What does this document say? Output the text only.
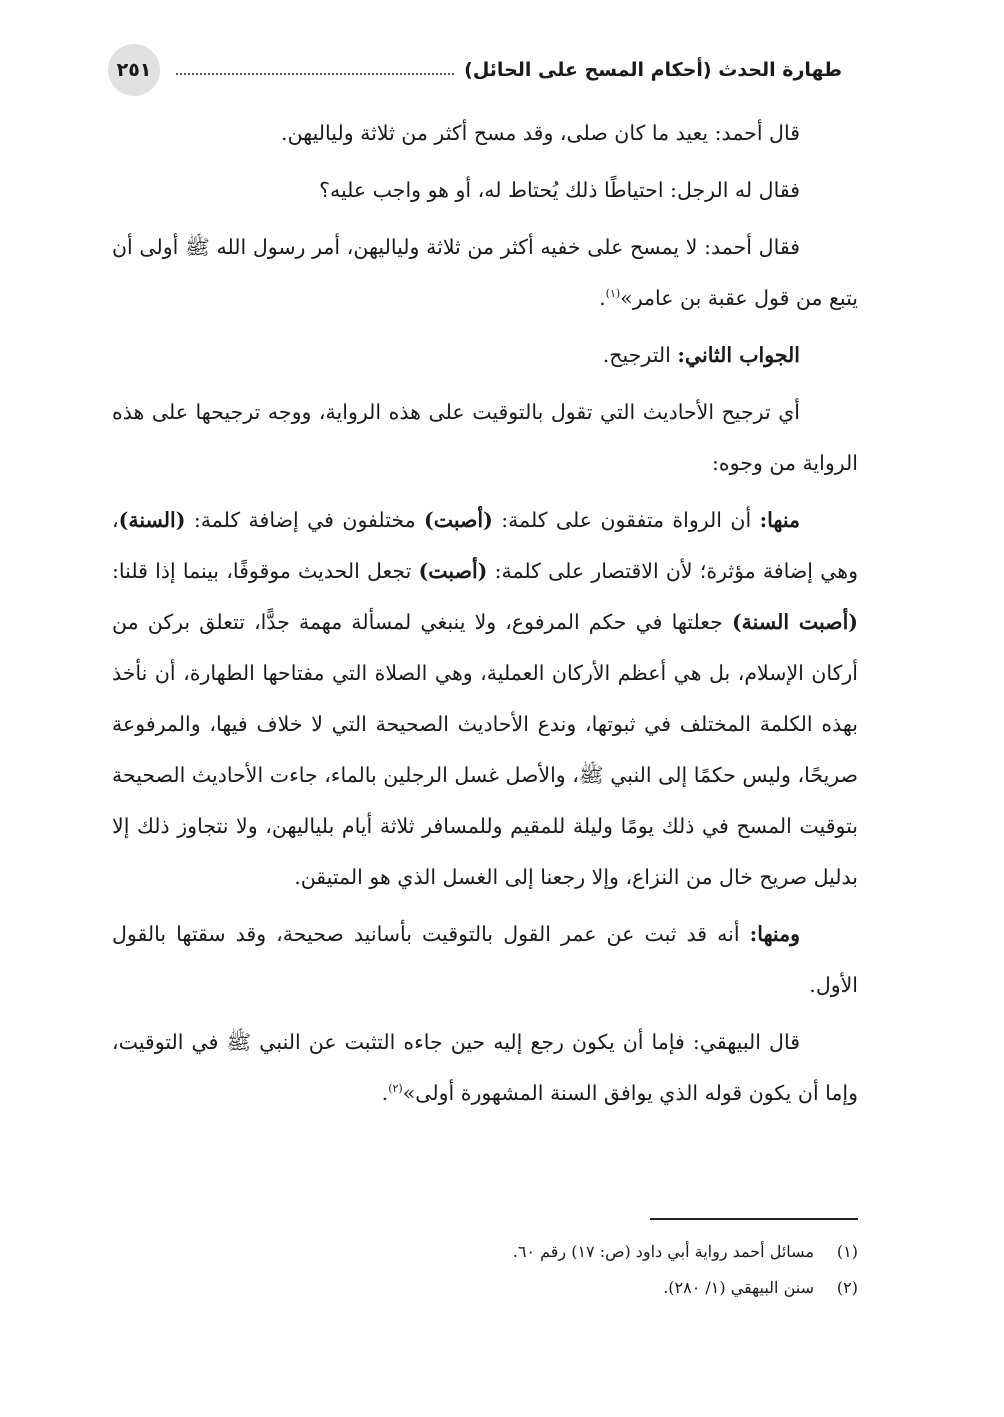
طهارة الحدث (أحكام المسح على الحائل)
٢٥١

قال أحمد: يعيد ما كان صلى، وقد مسح أكثر من ثلاثة ولياليهن.

فقال له الرجل: احتياطًا ذلك يُحتاط له، أو هو واجب عليه؟

فقال أحمد: لا يمسح على خفيه أكثر من ثلاثة ولياليهن، أمر رسول الله ﷺ أولى أن يتبع من قول عقبة بن عامر»$^{(١)}$.

الجواب الثاني: الترجيح.

أي ترجيح الأحاديث التي تقول بالتوقيت على هذه الرواية، ووجه ترجيحها على هذه الرواية من وجوه:

منها: أن الرواة متفقون على كلمة: (أصبت) مختلفون في إضافة كلمة: (السنة)، وهي إضافة مؤثرة؛ لأن الاقتصار على كلمة: (أصبت) تجعل الحديث موقوفًا، بينما إذا قلنا: (أصبت السنة) جعلتها في حكم المرفوع، ولا ينبغي لمسألة مهمة جدًّا، تتعلق بركن من أركان الإسلام، بل هي أعظم الأركان العملية، وهي الصلاة التي مفتاحها الطهارة، أن نأخذ بهذه الكلمة المختلف في ثبوتها، وندع الأحاديث الصحيحة التي لا خلاف فيها، والمرفوعة صريحًا، وليس حكمًا إلى النبي ﷺ، والأصل غسل الرجلين بالماء، جاءت الأحاديث الصحيحة بتوقيت المسح في ذلك يومًا وليلة للمقيم وللمسافر ثلاثة أيام بلياليهن، ولا نتجاوز ذلك إلا بدليل صريح خال من النزاع، وإلا رجعنا إلى الغسل الذي هو المتيقن.

ومنها: أنه قد ثبت عن عمر القول بالتوقيت بأسانيد صحيحة، وقد سقتها بالقول الأول.

قال البيهقي: فإما أن يكون رجع إليه حين جاءه التثبت عن النبي ﷺ في التوقيت، وإما أن يكون قوله الذي يوافق السنة المشهورة أولى»$^{(٢)}$.

(١)
مسائل أحمد رواية أبي داود (ص: ١٧) رقم ٦٠.
(٢)
سنن البيهقي (١/ ٢٨٠).
